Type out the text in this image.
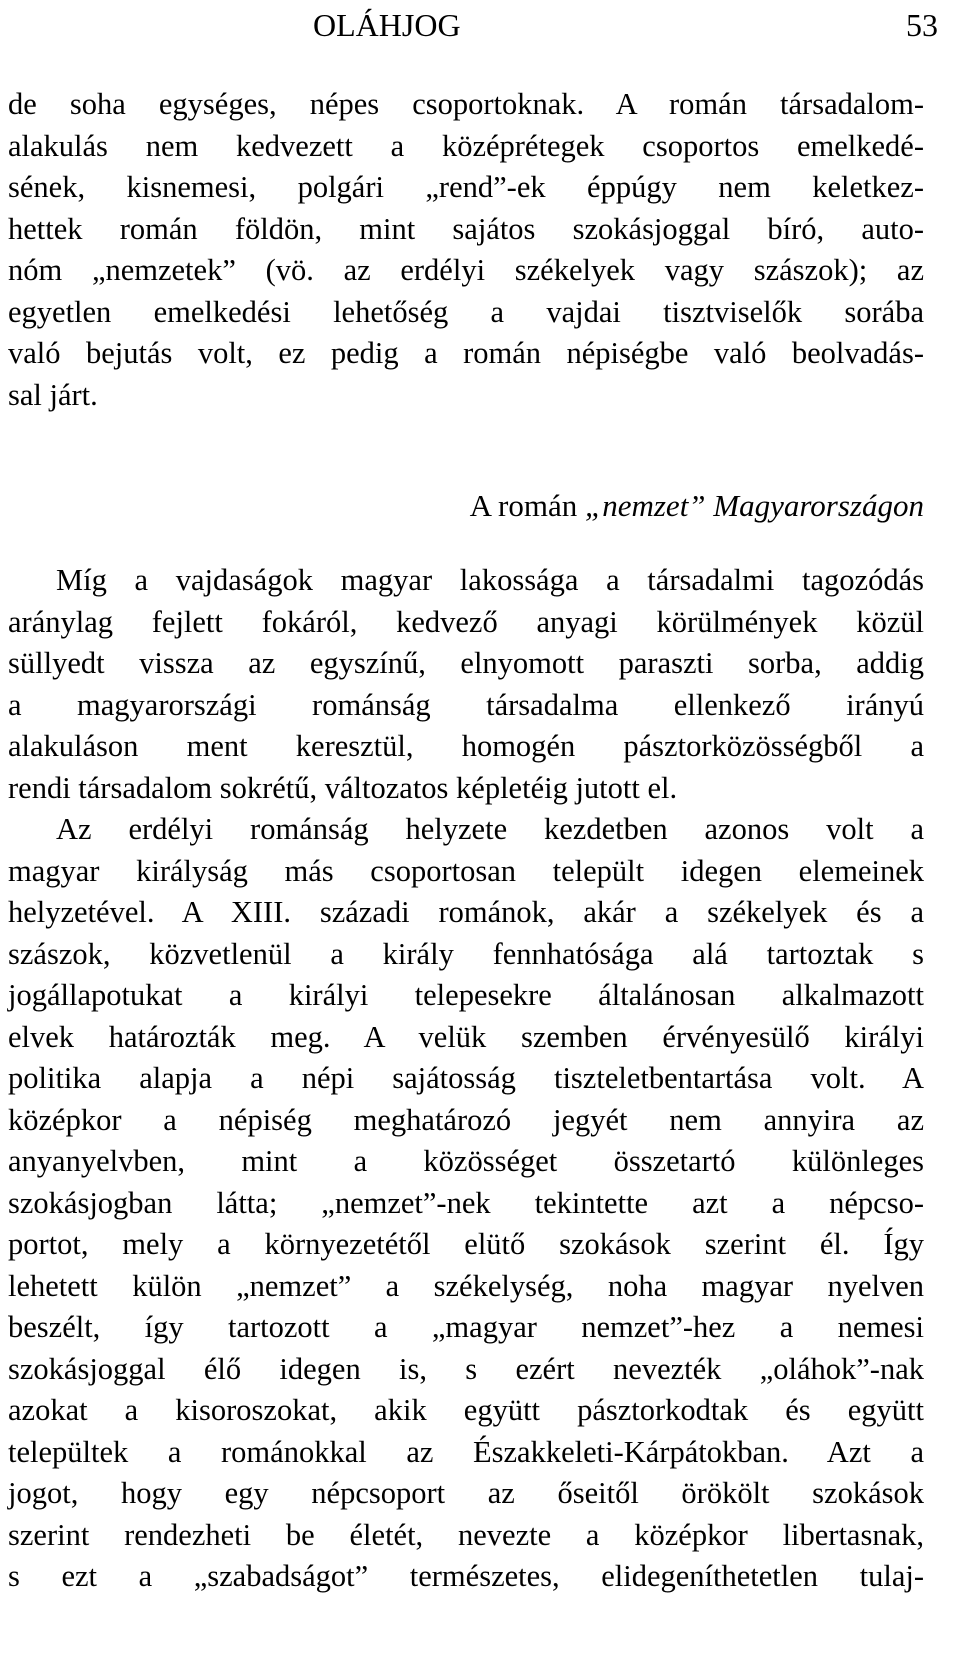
OLÁHJOG	53
de soha egységes, népes csoportoknak. A román társadalom-
alakulás nem kedvezett a középrétegek csoportos emelkedé-
sének, kisnemesi, polgári „rend”-ek éppúgy nem keletkez-
hettek román földön, mint sajátos szokásjoggal bíró, auto-
nóm „nemzetek” (vö. az erdélyi székelyek vagy szászok); az
egyetlen emelkedési lehetőség a vajdai tisztviselők sorába
való bejutás volt, ez pedig a román népiségbe való beolvadás-
sal járt.
A román „nemzet” Magyarországon
Míg a vajdaságok magyar lakossága a társadalmi tagozódás
aránylag fejlett fokáról, kedvező anyagi körülmények közül
süllyedt vissza az egyszínű, elnyomott paraszti sorba, addig
a magyarországi románság társadalma ellenkező irányú
alakuláson ment keresztül, homogén pásztorközösségből a
rendi társadalom sokrétű, változatos képletéig jutott el.
Az erdélyi románság helyzete kezdetben azonos volt a
magyar királyság más csoportosan települt idegen elemeinek
helyzetével. A XIII. századi románok, akár a székelyek és a
szászok, közvetlenül a király fennhatósága alá tartoztak s
jogállapotukat a királyi telepesekre általánosan alkalmazott
elvek határozták meg. A velük szemben érvényesülő királyi
politika alapja a népi sajátosság tiszteletbentartása volt. A
középkor a népiség meghatározó jegyét nem annyira az
anyanyelvben, mint a közösséget összetartó különleges
szokásjogban látta; „nemzet”-nek tekintette azt a népcso-
portot, mely a környezetétől elütő szokások szerint él. Így
lehetett külön „nemzet” a székelység, noha magyar nyelven
beszélt, így tartozott a „magyar nemzet”-hez a nemesi
szokásjoggal élő idegen is, s ezért nevezték „oláhok”-nak
azokat a kisoroszokat, akik együtt pásztorkodtak és együtt
települtek a románokkal az Északkeleti-Kárpátokban. Azt a
jogot, hogy egy népcsoport az őseitől örökölt szokások
szerint rendezheti be életét, nevezte a középkor libertasnak,
s ezt a „szabadságot” természetes, elidegeníthetetlen tulaj-
